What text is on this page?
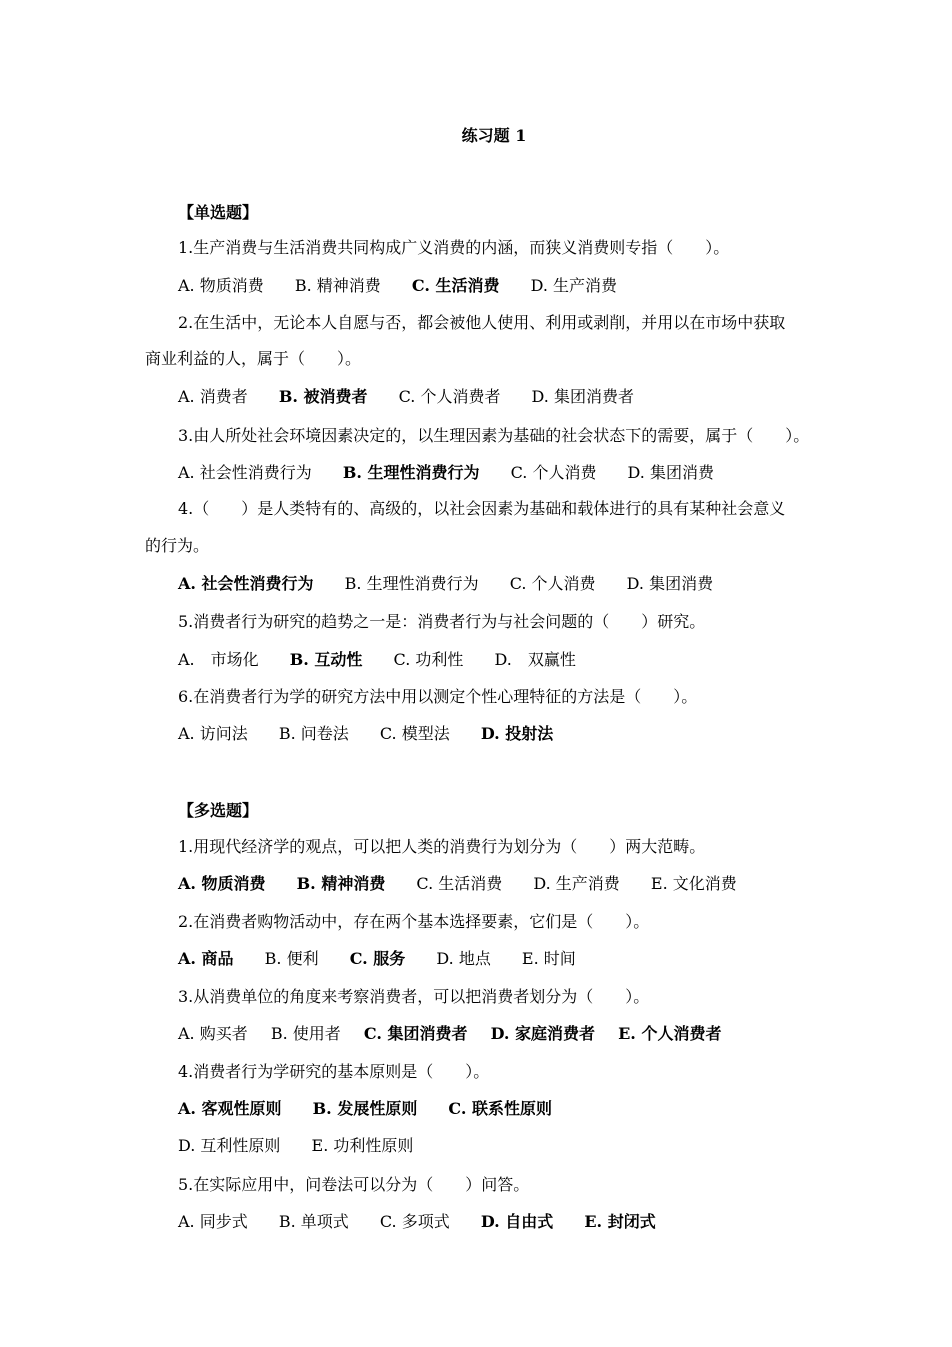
练习题 1
【单选题】
1.生产消费与生活消费共同构成广义消费的内涵，而狭义消费则专指（　　）。
A. 物质消费 B. 精神消费 C. 生活消费 D. 生产消费
2.在生活中，无论本人自愿与否，都会被他人使用、利用或剥削，并用以在市场中获取
商业利益的人，属于（　　）。
A. 消费者 B. 被消费者 C. 个人消费者 D. 集团消费者
3.由人所处社会环境因素决定的，以生理因素为基础的社会状态下的需要，属于（　　）。
A. 社会性消费行为 B. 生理性消费行为 C. 个人消费 D. 集团消费
4.（　　）是人类特有的、高级的，以社会因素为基础和载体进行的具有某种社会意义
的行为。
A. 社会性消费行为 B. 生理性消费行为 C. 个人消费 D. 集团消费
5.消费者行为研究的趋势之一是：消费者行为与社会问题的（　　）研究。
A.　市场化 B. 互动性 C. 功利性 D.　双赢性
6.在消费者行为学的研究方法中用以测定个性心理特征的方法是（　　）。
A. 访问法 B. 问卷法 C. 模型法 D. 投射法
【多选题】
1.用现代经济学的观点，可以把人类的消费行为划分为（　　）两大范畴。
A. 物质消费 B. 精神消费 C. 生活消费 D. 生产消费 E. 文化消费
2.在消费者购物活动中，存在两个基本选择要素，它们是（　　）。
A. 商品 B. 便利 C. 服务 D. 地点 E. 时间
3.从消费单位的角度来考察消费者，可以把消费者划分为（　　）。
A. 购买者 B. 使用者 C. 集团消费者 D. 家庭消费者 E. 个人消费者
4.消费者行为学研究的基本原则是（　　）。
A. 客观性原则 B. 发展性原则 C. 联系性原则
D. 互利性原则 E. 功利性原则
5.在实际应用中，问卷法可以分为（　　）问答。
A. 同步式 B. 单项式 C. 多项式 D. 自由式 E. 封闭式
